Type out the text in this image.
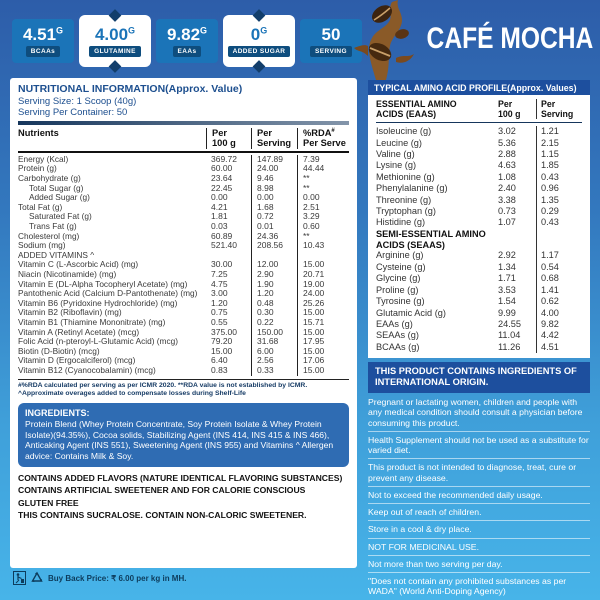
$4.51^G$
BCAAs
$4.00^G$
GLUTAMINE
$9.82^G$
EAAs
$0^G$
ADDED SUGAR
50
SERVING	CAFÉ MOCHA
NUTRITIONAL INFORMATION(Approx. Value)
Serving Size: 1 Scoop (40g)
Serving Per Container: 50
Nutrients	Per
100 g
Per
Serving
%RDA#
Per Serve
Energy (Kcal)	369.72	147.89	7.39
Protein (g)	60.00	24.00	44.44
Carbohydrate (g)	23.64	9.46	**
Total Sugar (g)	22.45	8.98	**
Added Sugar (g)	0.00	0.00	0.00
Total Fat (g)	4.21	1.68	2.51
Saturated Fat (g)	1.81	0.72	3.29
Trans Fat (g)	0.03	0.01	0.60
Cholesterol (mg)	60.89	24.36	**
Sodium (mg)	521.40	208.56	10.43
ADDED VITAMINS ^
Vitamin C (L-Ascorbic Acid) (mg)	30.00	12.00	15.00
Niacin (Nicotinamide) (mg)	7.25	2.90	20.71
Vitamin E (DL-Alpha Tocopheryl Acetate) (mg)	4.75	1.90	19.00
Pantothenic Acid (Calcium D-Pantothenate) (mg)	3.00	1.20	24.00
Vitamin B6 (Pyridoxine Hydrochloride) (mg)	1.20	0.48	25.26
Vitamin B2 (Riboflavin) (mg)	0.75	0.30	15.00
Vitamin B1 (Thiamine Mononitrate) (mg)	0.55	0.22	15.71
Vitamin A (Retinyl Acetate) (mcg)	375.00	150.00	15.00
Folic Acid (n-pteroyl-L-Glutamic Acid) (mcg)	79.20	31.68	17.95
Biotin (D-Biotin) (mcg)	15.00	6.00	15.00
Vitamin D (Ergocalciferol) (mcg)	6.40	2.56	17.06
Vitamin B12 (Cyanocobalamin) (mcg)	0.83	0.33	15.00
#%RDA calculated per serving as per ICMR 2020. **RDA value is not established by ICMR.
^Approximate overages added to compensate losses during Shelf-Life
INGREDIENTS:
Protein Blend (Whey Protein Concentrate, Soy Protein Isolate & Whey Protein Isolate)(94.35%), Cocoa solids, Stabilizing Agent (INS 414, INS 415 & INS 466), Anticaking Agent (INS 551), Sweetening Agent (INS 955) and Vitamins ^ Allergen advice: Contains Milk & Soy.
CONTAINS ADDED FLAVORS (NATURE IDENTICAL FLAVORING SUBSTANCES)
CONTAINS ARTIFICIAL SWEETENER AND FOR CALORIE CONSCIOUS
GLUTEN FREE
THIS CONTAINS SUCRALOSE. CONTAIN NON-CALORIC SWEETENER.
Buy Back Price: ₹ 6.00 per kg in MH.
TYPICAL AMINO ACID PROFILE(Approx. Values)
ESSENTIAL AMINO
ACIDS (EAAS)
Per
100 g
Per
Serving
Isoleucine (g)	3.02	1.21
Leucine (g)	5.36	2.15
Valine (g)	2.88	1.15
Lysine (g)	4.63	1.85
Methionine (g)	1.08	0.43
Phenylalanine (g)	2.40	0.96
Threonine (g)	3.38	1.35
Tryptophan (g)	0.73	0.29
Histidine (g)	1.07	0.43
SEMI-ESSENTIAL AMINO ACIDS (SEAAS)
Arginine (g)	2.92	1.17
Cysteine (g)	1.34	0.54
Glycine (g)	1.71	0.68
Proline (g)	3.53	1.41
Tyrosine (g)	1.54	0.62
Glutamic Acid (g)	9.99	4.00
EAAs (g)	24.55	9.82
SEAAs (g)	11.04	4.42
BCAAs (g)	11.26	4.51
THIS PRODUCT CONTAINS INGREDIENTS OF INTERNATIONAL ORIGIN.
Pregnant or lactating women, children and people with any medical condition should consult a physician before consuming this product.
Health Supplement should not be used as a substitute for varied diet.
This product is not intended to diagnose, treat, cure or prevent any disease.
Not to exceed the recommended daily usage.
Keep out of reach of children.
Store in a cool & dry place.
NOT FOR MEDICINAL USE.
Not more than two serving per day.
"Does not contain any prohibited substances as per WADA" (World Anti-Doping Agency)
